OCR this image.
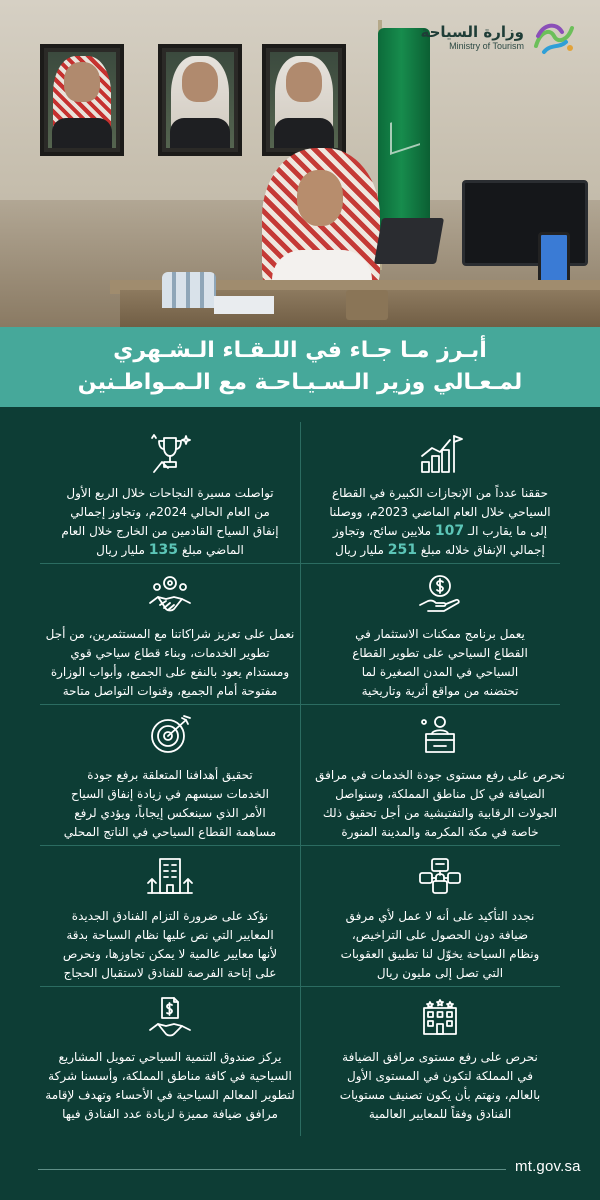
وزارة السياحة
Ministry of Tourism
أبـرز مـا جـاء في اللـقـاء الـشـهري
لمـعـالي وزير الـسـيـاحـة مع الـمـواطـنين
حققنا عدداً من الإنجازات الكبيرة في القطاع
السياحي خلال العام الماضي 2023م، ووصلنا
إلى ما يقارب الـ 107 ملايين سائح، وتجاوز
إجمالي الإنفاق خلاله مبلغ 251 مليار ريال
تواصلت مسيرة النجاحات خلال الربع الأول
من العام الحالي 2024م، وتجاوز إجمالي
إنفاق السياح القادمين من الخارج خلال العام
الماضي مبلغ 135 مليار ريال
يعمل برنامج ممكنات الاستثمار في
القطاع السياحي على تطوير القطاع
السياحي في المدن الصغيرة لما
تحتضنه من مواقع أثرية وتاريخية
نعمل على تعزيز شراكاتنا مع المستثمرين، من أجل
تطوير الخدمات، وبناء قطاع سياحي قوي
ومستدام يعود بالنفع على الجميع، وأبواب الوزارة
مفتوحة أمام الجميع، وقنوات التواصل متاحة
نحرص على رفع مستوى جودة الخدمات في مرافق
الضيافة في كل مناطق المملكة، وسنواصل
الجولات الرقابية والتفتيشية من أجل تحقيق ذلك
خاصة في مكة المكرمة والمدينة المنورة
تحقيق أهدافنا المتعلقة برفع جودة
الخدمات سيسهم في زيادة إنفاق السياح
الأمر الذي سينعكس إيجاباً، ويؤدي لرفع
مساهمة القطاع السياحي في الناتج المحلي
نجدد التأكيد على أنه لا عمل لأي مرفق
ضيافة دون الحصول على التراخيص،
ونظام السياحة يخوّل لنا تطبيق العقوبات
التي تصل إلى مليون ريال
نؤكد على ضرورة التزام الفنادق الجديدة
المعايير التي نص عليها نظام السياحة بدقة
لأنها معايير عالمية لا يمكن تجاوزها، ونحرص
على إتاحة الفرصة للفنادق لاستقبال الحجاج
نحرص على رفع مستوى مرافق الضيافة
في المملكة لتكون في المستوى الأول
بالعالم، ونهتم بأن يكون تصنيف مستويات
الفنادق وفقاً للمعايير العالمية
يركز صندوق التنمية السياحي تمويل المشاريع
السياحية في كافة مناطق المملكة، وأسسنا شركة
لتطوير المعالم السياحية في الأحساء وتهدف لإقامة
مرافق ضيافة مميزة لزيادة عدد الفنادق فيها
mt.gov.sa
